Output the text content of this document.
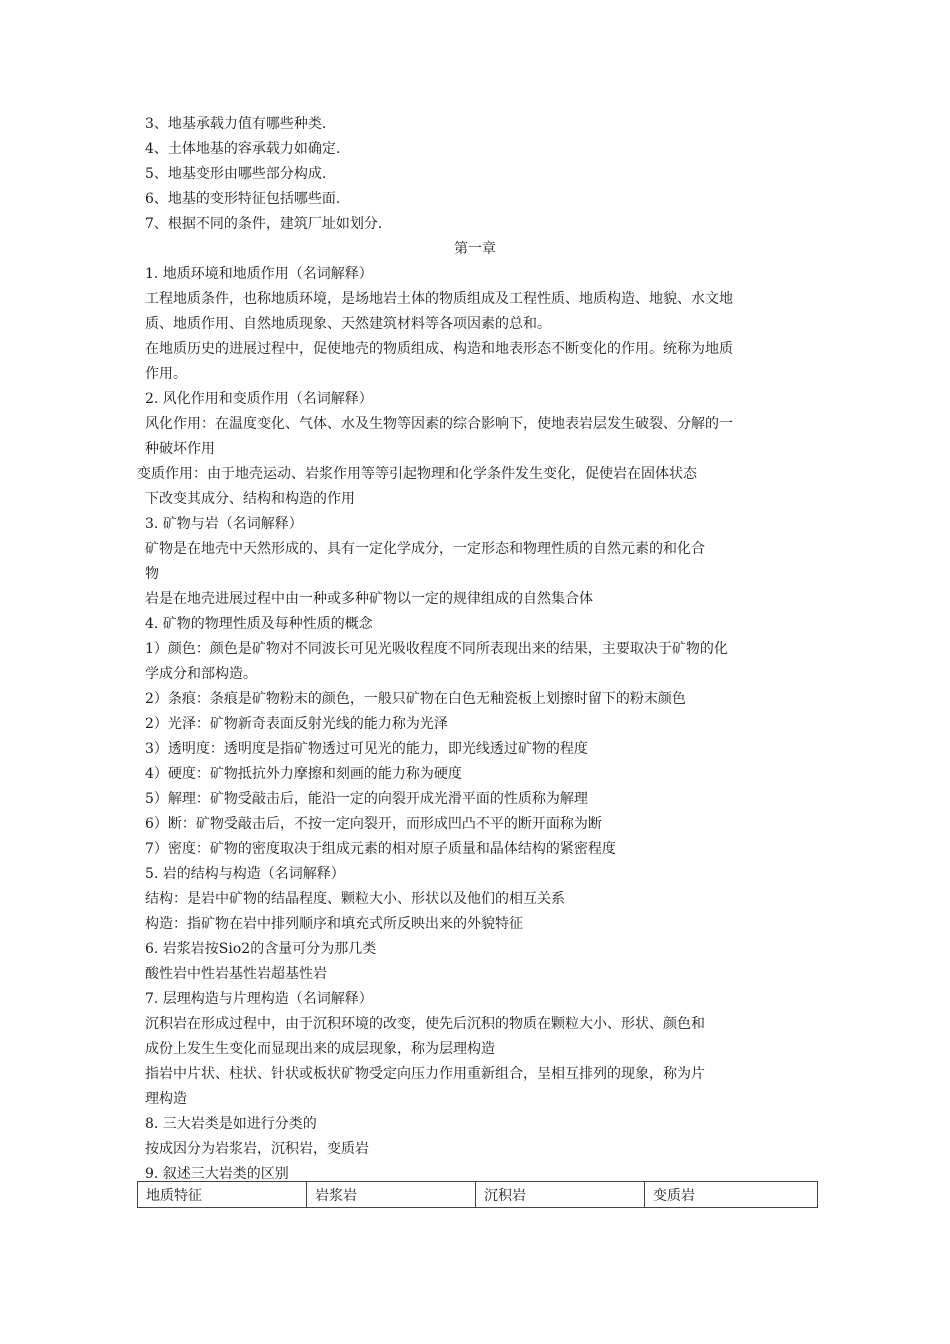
3、地基承载力值有哪些种类.
4、土体地基的容承载力如确定.
5、地基变形由哪些部分构成.
6、地基的变形特征包括哪些面.
7、根据不同的条件，建筑厂址如划分.
第一章
1. 地质环境和地质作用（名词解释）
工程地质条件，也称地质环境，是场地岩土体的物质组成及工程性质、地质构造、地貌、水文地
质、地质作用、自然地质现象、天然建筑材料等各项因素的总和。
在地质历史的进展过程中，促使地壳的物质组成、构造和地表形态不断变化的作用。统称为地质
作用。
2. 风化作用和变质作用（名词解释）
风化作用：在温度变化、气体、水及生物等因素的综合影响下，使地表岩层发生破裂、分解的一
种破坏作用
变质作用：由于地壳运动、岩浆作用等等引起物理和化学条件发生变化，促使岩在固体状态
下改变其成分、结构和构造的作用
3. 矿物与岩（名词解释）
矿物是在地壳中天然形成的、具有一定化学成分，一定形态和物理性质的自然元素的和化合
物
岩是在地壳进展过程中由一种或多种矿物以一定的规律组成的自然集合体
4. 矿物的物理性质及每种性质的概念
1）颜色：颜色是矿物对不同波长可见光吸收程度不同所表现出来的结果，主要取决于矿物的化
学成分和部构造。
2）条痕：条痕是矿物粉末的颜色，一般只矿物在白色无釉瓷板上划擦时留下的粉末颜色
2）光泽：矿物新奇表面反射光线的能力称为光泽
3）透明度：透明度是指矿物透过可见光的能力，即光线透过矿物的程度
4）硬度：矿物抵抗外力摩擦和刻画的能力称为硬度
5）解理：矿物受敲击后，能沿一定的向裂开成光滑平面的性质称为解理
6）断：矿物受敲击后，不按一定向裂开，而形成凹凸不平的断开面称为断
7）密度：矿物的密度取决于组成元素的相对原子质量和晶体结构的紧密程度
5. 岩的结构与构造（名词解释）
结构：是岩中矿物的结晶程度、颗粒大小、形状以及他们的相互关系
构造：指矿物在岩中排列顺序和填充式所反映出来的外貌特征
6. 岩浆岩按Sio2的含量可分为那几类
酸性岩中性岩基性岩超基性岩
7. 层理构造与片理构造（名词解释）
沉积岩在形成过程中，由于沉积环境的改变，使先后沉积的物质在颗粒大小、形状、颜色和
成份上发生生变化而显现出来的成层现象，称为层理构造
指岩中片状、柱状、针状或板状矿物受定向压力作用重新组合，呈相互排列的现象，称为片
理构造
8. 三大岩类是如进行分类的
按成因分为岩浆岩，沉积岩，变质岩
9. 叙述三大岩类的区别
地质特征	岩浆岩	沉积岩	变质岩
